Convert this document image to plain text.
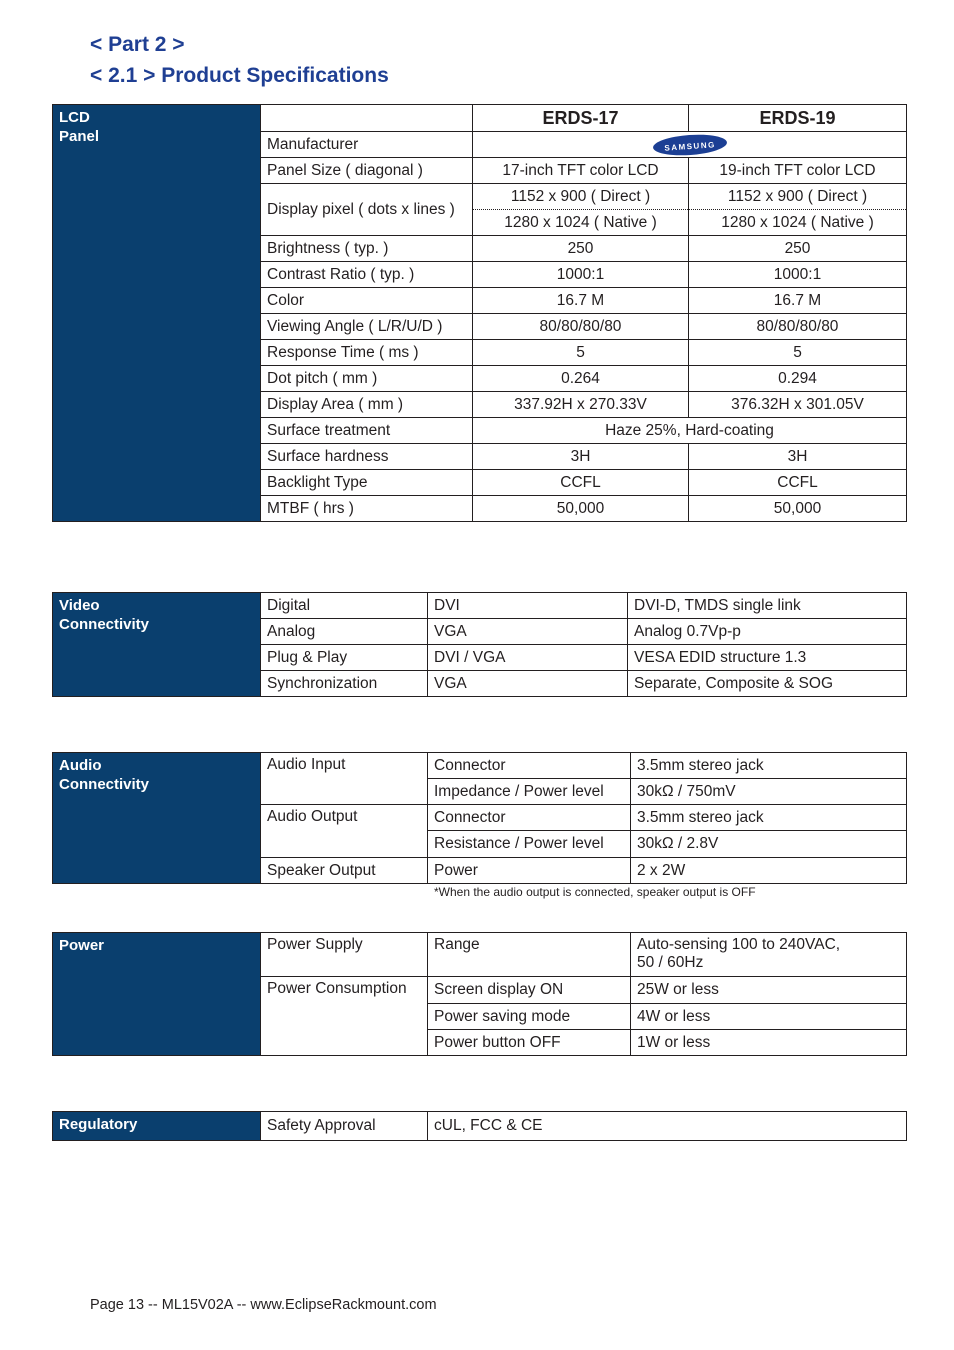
< Part 2 >
< 2.1 > Product Specifications
LCD
Panel		ERDS-17	ERDS-19
	Manufacturer	SAMSUNG	
	Panel Size ( diagonal )	17-inch TFT color LCD	19-inch TFT color LCD
	Display pixel ( dots x lines )	1152 x 900 ( Direct )	1152 x 900 ( Direct )
		1280 x 1024 ( Native )	1280 x 1024 ( Native )
	Brightness ( typ. )	250	250
	Contrast Ratio ( typ. )	1000:1	1000:1
	Color	16.7 M	16.7 M
	Viewing Angle ( L/R/U/D )	80/80/80/80	80/80/80/80
	Response Time ( ms )	5	5
	Dot pitch ( mm )	0.264	0.294
	Display Area ( mm )	337.92H x 270.33V	376.32H x 301.05V
	Surface treatment	Haze 25%, Hard-coating	
	Surface hardness	3H	3H
	Backlight Type	CCFL	CCFL
	MTBF ( hrs )	50,000	50,000
Video
Connectivity	Digital	DVI	DVI-D, TMDS single link
	Analog	VGA	Analog 0.7Vp-p
	Plug & Play	DVI / VGA	VESA EDID structure 1.3
	Synchronization	VGA	Separate, Composite & SOG
Audio
Connectivity	Audio Input	Connector	3.5mm stereo jack
		Impedance / Power level	30kΩ / 750mV
	Audio Output	Connector	3.5mm stereo jack
		Resistance / Power level	30kΩ / 2.8V
	Speaker Output	Power	2 x 2W
*When the audio output is connected, speaker output is OFF
Power	Power Supply	Range	Auto-sensing 100 to 240VAC,
50 / 60Hz
	Power Consumption	Screen display ON	25W or less
		Power saving mode	4W or less
		Power button OFF	1W or less
Regulatory	Safety Approval	cUL, FCC & CE
Page 13 -- ML15V02A -- www.EclipseRackmount.com
